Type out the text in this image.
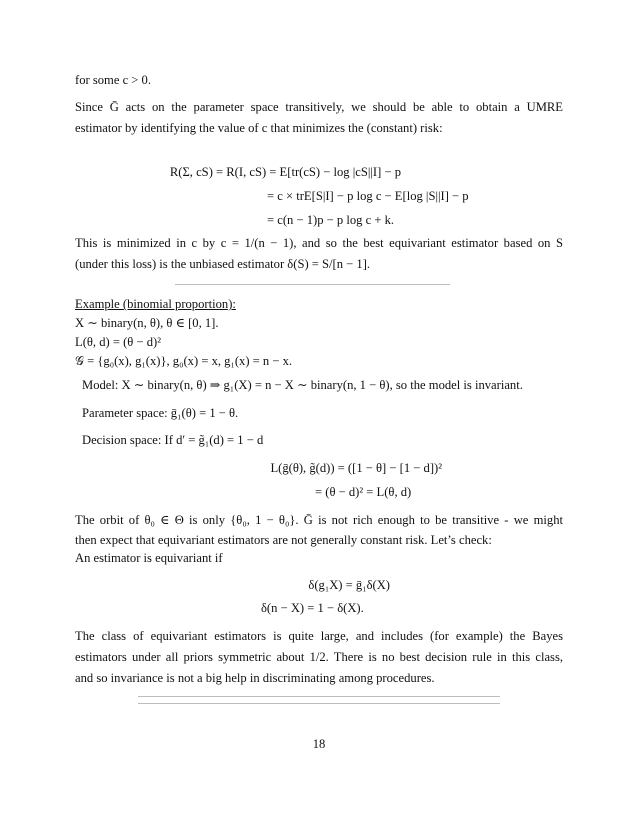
for some c > 0.
Since Ḡ acts on the parameter space transitively, we should be able to obtain a UMRE
estimator by identifying the value of c that minimizes the (constant) risk:
R(Σ, cS) = R(I, cS) = E[tr(cS) − log |cS||I] − p
= c × trE[S|I] − p log c − E[log |S||I] − p
= c(n − 1)p − p log c + k.
This is minimized in c by c = 1/(n − 1), and so the best equivariant estimator based on S
(under this loss) is the unbiased estimator δ(S) = S/[n − 1].
Example (binomial proportion):
X ∼ binary(n, θ), θ ∈ [0, 1].
L(θ, d) = (θ − d)²
𝒢 = {g₀(x), g₁(x)}, g₀(x) = x, g₁(x) = n − x.
Model: X ∼ binary(n, θ) ⇒ g₁(X) = n − X ∼ binary(n, 1 − θ), so the model is invariant.
Parameter space: ḡ₁(θ) = 1 − θ.
Decision space: If d′ = g̃₁(d) = 1 − d
L(ḡ(θ), g̃(d)) = ([1 − θ] − [1 − d])²
= (θ − d)² = L(θ, d)
The orbit of θ₀ ∈ Θ is only {θ₀, 1 − θ₀}. Ḡ is not rich enough to be transitive - we might
then expect that equivariant estimators are not generally constant risk. Let’s check:
An estimator is equivariant if
δ(g₁X) = ḡ₁δ(X)
δ(n − X) = 1 − δ(X).
The class of equivariant estimators is quite large, and includes (for example) the Bayes
estimators under all priors symmetric about 1/2. There is no best decision rule in this class,
and so invariance is not a big help in discriminating among procedures.
18
